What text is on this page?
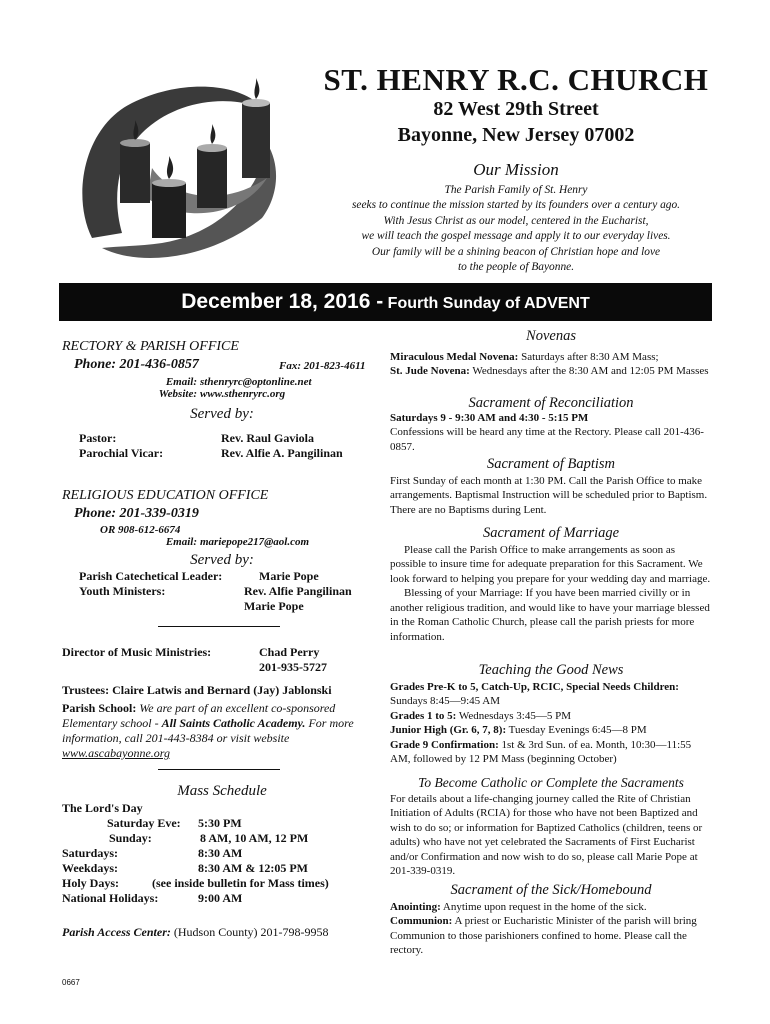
ST. HENRY R.C. CHURCH
82 West 29th Street
Bayonne, New Jersey 07002
Our Mission
The Parish Family of St. Henry
seeks to continue the mission started by its founders over a century ago.
With Jesus Christ as our model, centered in the Eucharist,
we will teach the gospel message and apply it to our everyday lives.
Our family will be a shining beacon of Christian hope and love
to the people of Bayonne.
December 18, 2016 - Fourth Sunday of ADVENT
RECTORY & PARISH OFFICE
Phone: 201-436-0857	Fax: 201-823-4611
Email: sthenryrc@optonline.net
Website: www.sthenryrc.org
Served by:
Pastor:	Rev. Raul Gaviola
Parochial Vicar:	Rev. Alfie A. Pangilinan
RELIGIOUS EDUCATION OFFICE
Phone: 201-339-0319
OR 908-612-6674
Email: mariepope217@aol.com
Served by:
Parish Catechetical Leader:	Marie Pope
Youth Ministers:	Rev. Alfie Pangilinan
Marie Pope
Director of Music Ministries:	Chad Perry
201-935-5727
Trustees: Claire Latwis and Bernard (Jay) Jablonski
Parish School: We are part of an excellent co-sponsored Elementary school - All Saints Catholic Academy. For more information, call 201-443-8384 or visit website www.ascabayonne.org
Mass Schedule
The Lord's Day
Saturday Eve:	5:30 PM
Sunday:	8 AM, 10 AM, 12 PM
Saturdays:	8:30 AM
Weekdays:	8:30 AM & 12:05 PM
Holy Days:	(see inside bulletin for Mass times)
National Holidays:	9:00 AM
Parish Access Center: (Hudson County) 201-798-9958
0667
Novenas
Miraculous Medal Novena: Saturdays after 8:30 AM Mass;
St. Jude Novena: Wednesdays after the 8:30 AM and 12:05 PM Masses
Sacrament of Reconciliation
Saturdays 9 - 9:30 AM and 4:30 - 5:15 PM
Confessions will be heard any time at the Rectory. Please call 201-436-0857.
Sacrament of Baptism
First Sunday of each month at 1:30 PM. Call the Parish Office to make arrangements. Baptismal Instruction will be scheduled prior to Baptism. There are no Baptisms during Lent.
Sacrament of Marriage
Please call the Parish Office to make arrangements as soon as possible to insure time for adequate preparation for this Sacrament. We look forward to helping you prepare for your wedding day and marriage.
Blessing of your Marriage: If you have been married civilly or in another religious tradition, and would like to have your marriage blessed in the Roman Catholic Church, please call the parish priests for more information.
Teaching the Good News
Grades Pre-K to 5, Catch-Up, RCIC, Special Needs Children: Sundays 8:45—9:45 AM
Grades 1 to 5: Wednesdays 3:45—5 PM
Junior High (Gr. 6, 7, 8): Tuesday Evenings 6:45—8 PM
Grade 9 Confirmation: 1st & 3rd Sun. of ea. Month, 10:30—11:55 AM, followed by 12 PM Mass (beginning October)
To Become Catholic or Complete the Sacraments
For details about a life-changing journey called the Rite of Christian Initiation of Adults (RCIA) for those who have not been Baptized and wish to do so; or information for Baptized Catholics (children, teens or adults) who have not yet celebrated the Sacraments of First Eucharist and/or Confirmation and now wish to do so, please call Marie Pope at 201-339-0319.
Sacrament of the Sick/Homebound
Anointing: Anytime upon request in the home of the sick.
Communion: A priest or Eucharistic Minister of the parish will bring Communion to those parishioners confined to home. Please call the rectory.
